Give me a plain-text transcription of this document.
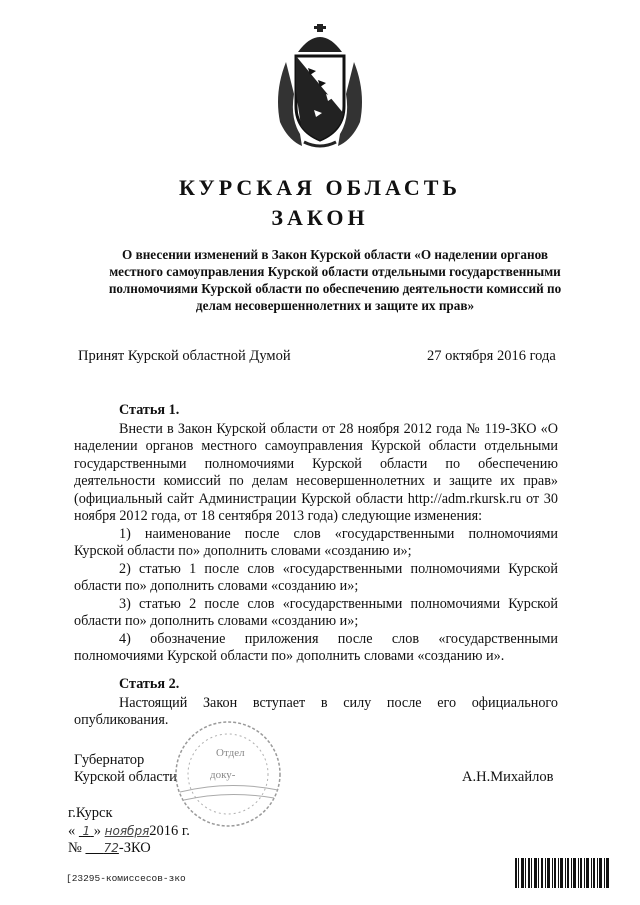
КУРСКАЯ ОБЛАСТЬ
ЗАКОН
О внесении изменений в Закон Курской области «О наделении органов местного самоуправления Курской области отдельными государственными полномочиями Курской области по обеспечению деятельности комиссий по делам несовершеннолетних и защите их прав»
Принят Курской областной Думой	27 октября 2016 года

Статья 1.

Внести в Закон Курской области от 28 ноября 2012 года № 119-ЗКО «О наделении органов местного самоуправления Курской области отдельными государственными полномочиями Курской области по обеспечению деятельности комиссий по делам несовершеннолетних и защите их прав» (официальный сайт Администрации Курской области http://adm.rkursk.ru от 30 ноября 2012 года, от 18 сентября 2013 года) следующие изменения:

1) наименование после слов «государственными полномочиями Курской области по» дополнить словами «созданию и»;

2) статью 1 после слов «государственными полномочиями Курской области по» дополнить словами «созданию и»;

3) статью 2 после слов «государственными полномочиями Курской области по» дополнить словами «созданию и»;

4) обозначение приложения после слов «государственными полномочиями Курской области по» дополнить словами «созданию и».

Статья 2.

Настоящий Закон вступает в силу после его официального опубликования.

Губернатор
Курской области	А.Н.Михайлов
Отдел
доку-
г.Курск
« 1 » ноября2016 г.
№ 72-ЗКО
[23295-комиссесов-зко
